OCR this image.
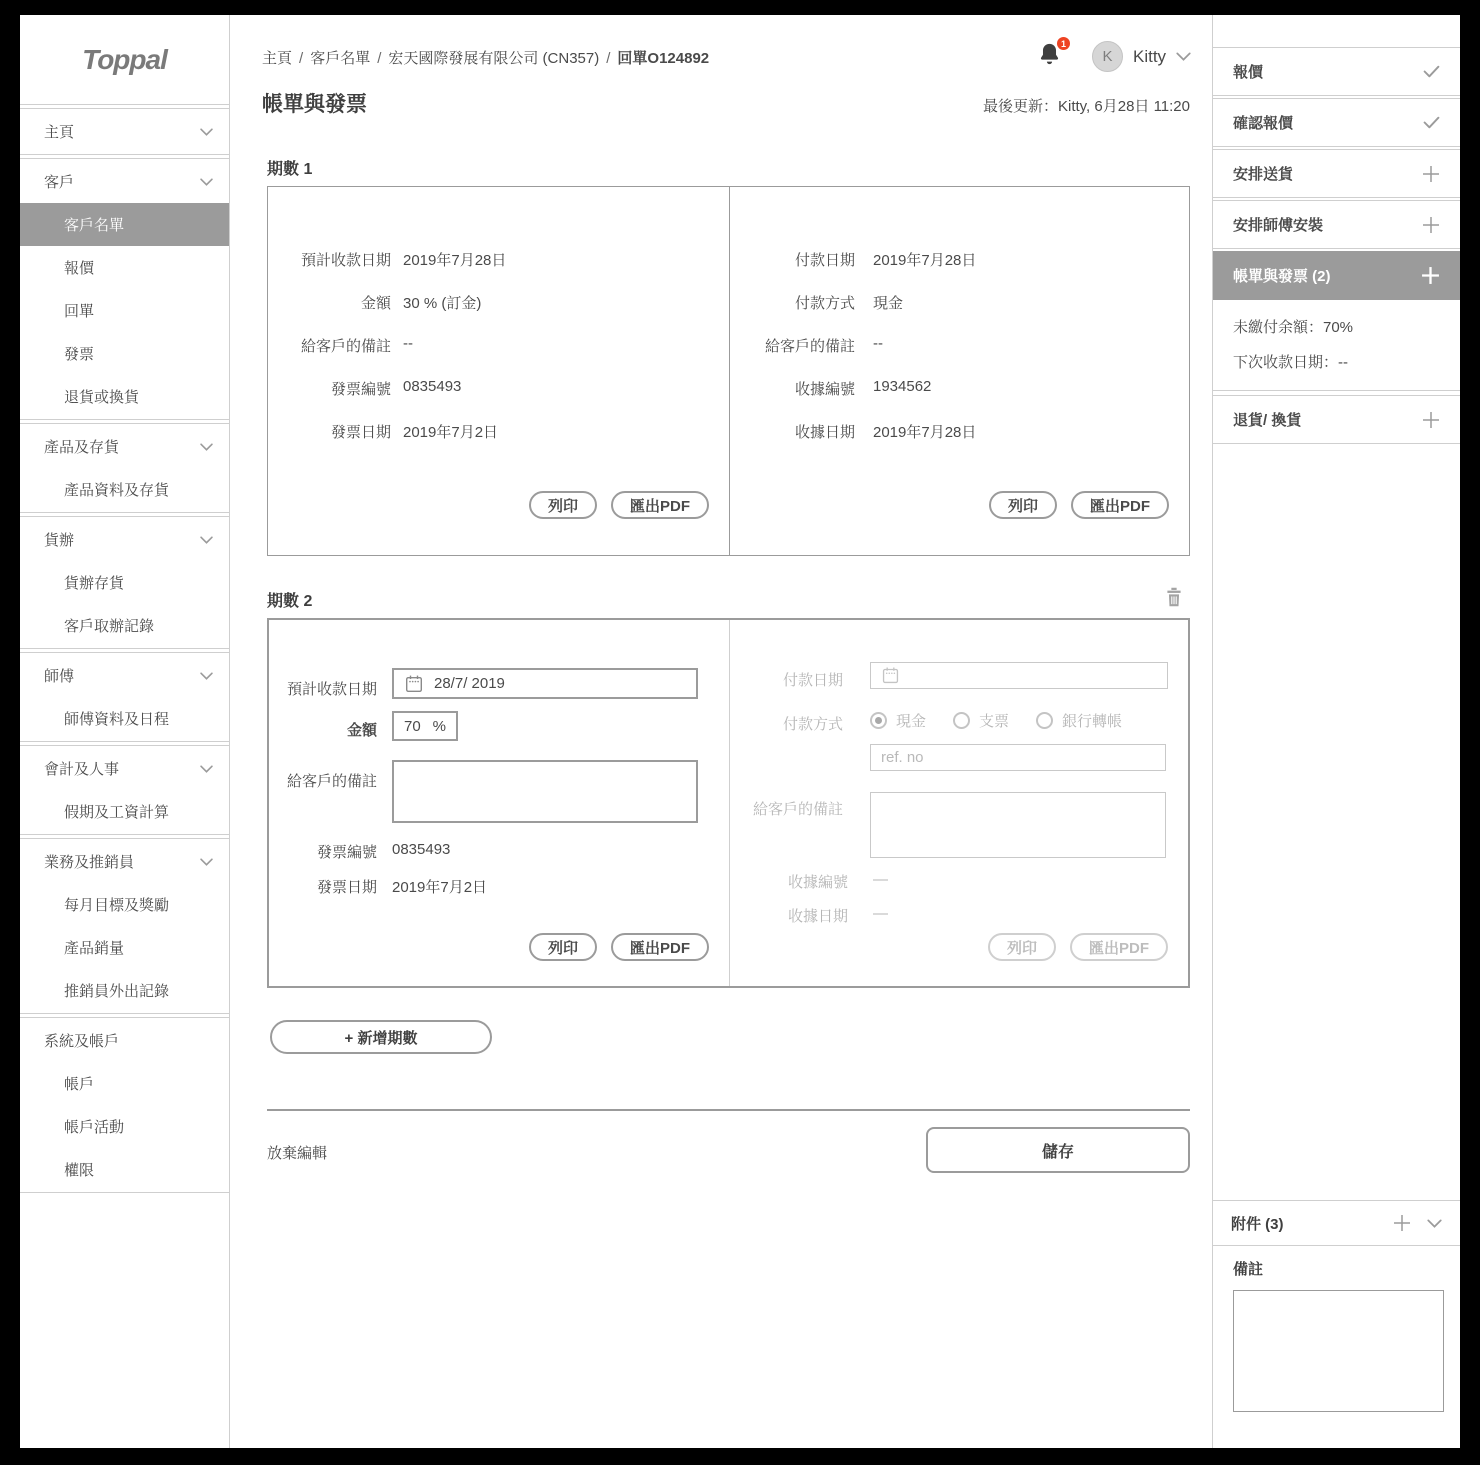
Toppal
主頁
客戶
客戶名單
報價
回單
發票
退貨或換貨
產品及存貨
產品資料及存貨
貨辦
貨辦存貨
客戶取辦記錄
師傅
師傅資料及日程
會計及人事
假期及工資計算
業務及推銷員
每月目標及獎勵
產品銷量
推銷員外出記錄
系統及帳戶
帳戶
帳戶活動
權限
主頁 / 客戶名單 / 宏天國際發展有限公司 (CN357) / 回單O124892
1
K Kitty
帳單與發票	最後更新：Kitty, 6月28日 11:20
期數 1
預計收款日期 2019年7月28日
金額 30 % (訂金)
給客戶的備註 --
發票編號 0835493
發票日期 2019年7月2日
列印	匯出PDF
付款日期 2019年7月28日
付款方式 現金
給客戶的備註 --
收據編號 1934562
收據日期 2019年7月28日
列印	匯出PDF
期數 2
預計收款日期	28/7/ 2019
金額 70 %
給客戶的備註
發票編號 0835493
發票日期 2019年7月2日
列印	匯出PDF
付款日期
付款方式	現金	支票	銀行轉帳
ref. no
給客戶的備註
收據編號 —
收據日期 —
列印	匯出PDF
+ 新增期數
放棄編輯	儲存
報價
確認報價
安排送貨
安排師傅安裝
帳單與發票 (2)
未繳付余額：70%
下次收款日期：--
退貨/ 換貨
附件 (3)
備註
